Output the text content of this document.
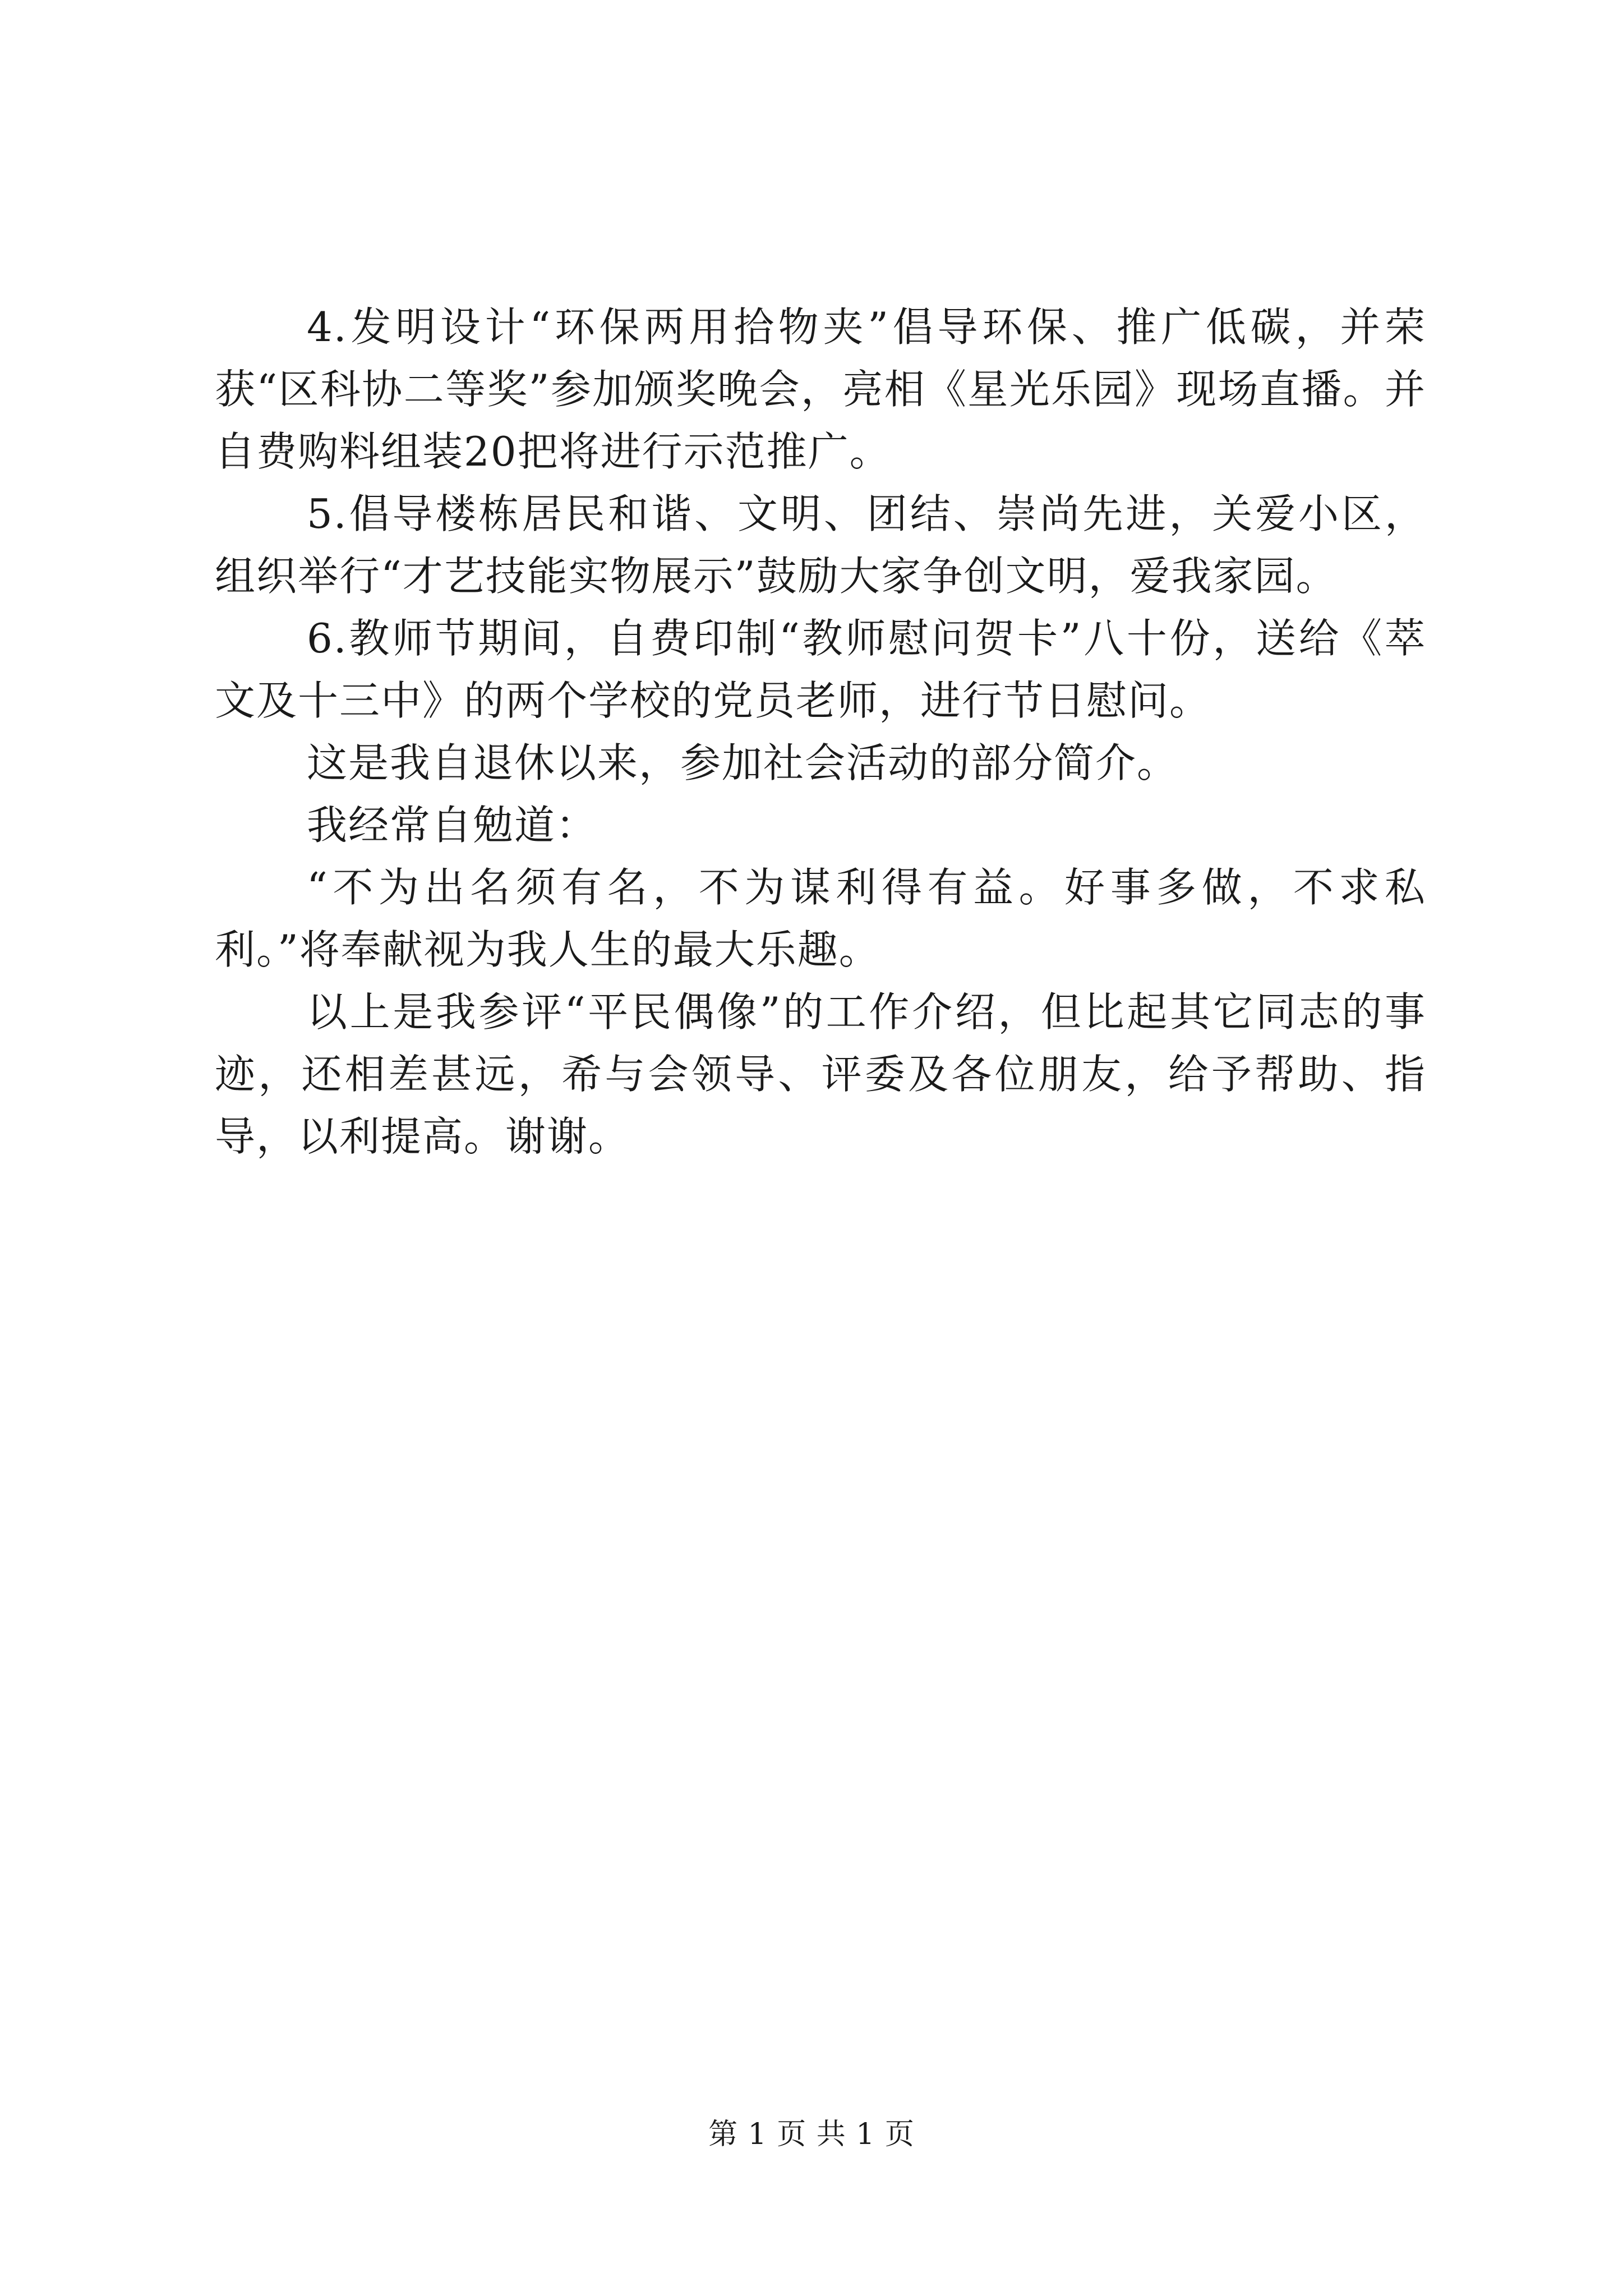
4.发明设计“环保两用拾物夹”倡导环保、推广低碳，并荣获“区科协二等奖”参加颁奖晚会，亮相《星光乐园》现场直播。并自费购料组装20把将进行示范推广。

5.倡导楼栋居民和谐、文明、团结、崇尚先进，关爱小区，组织举行“才艺技能实物展示”鼓励大家争创文明，爱我家园。

6.教师节期间，自费印制“教师慰问贺卡”八十份，送给《萃文及十三中》的两个学校的党员老师，进行节日慰问。

这是我自退休以来，参加社会活动的部分简介。

我经常自勉道：

“不为出名须有名，不为谋利得有益。好事多做，不求私利。”将奉献视为我人生的最大乐趣。

以上是我参评“平民偶像”的工作介绍，但比起其它同志的事迹，还相差甚远，希与会领导、评委及各位朋友，给予帮助、指导，以利提高。谢谢。

第 1 页 共 1 页
